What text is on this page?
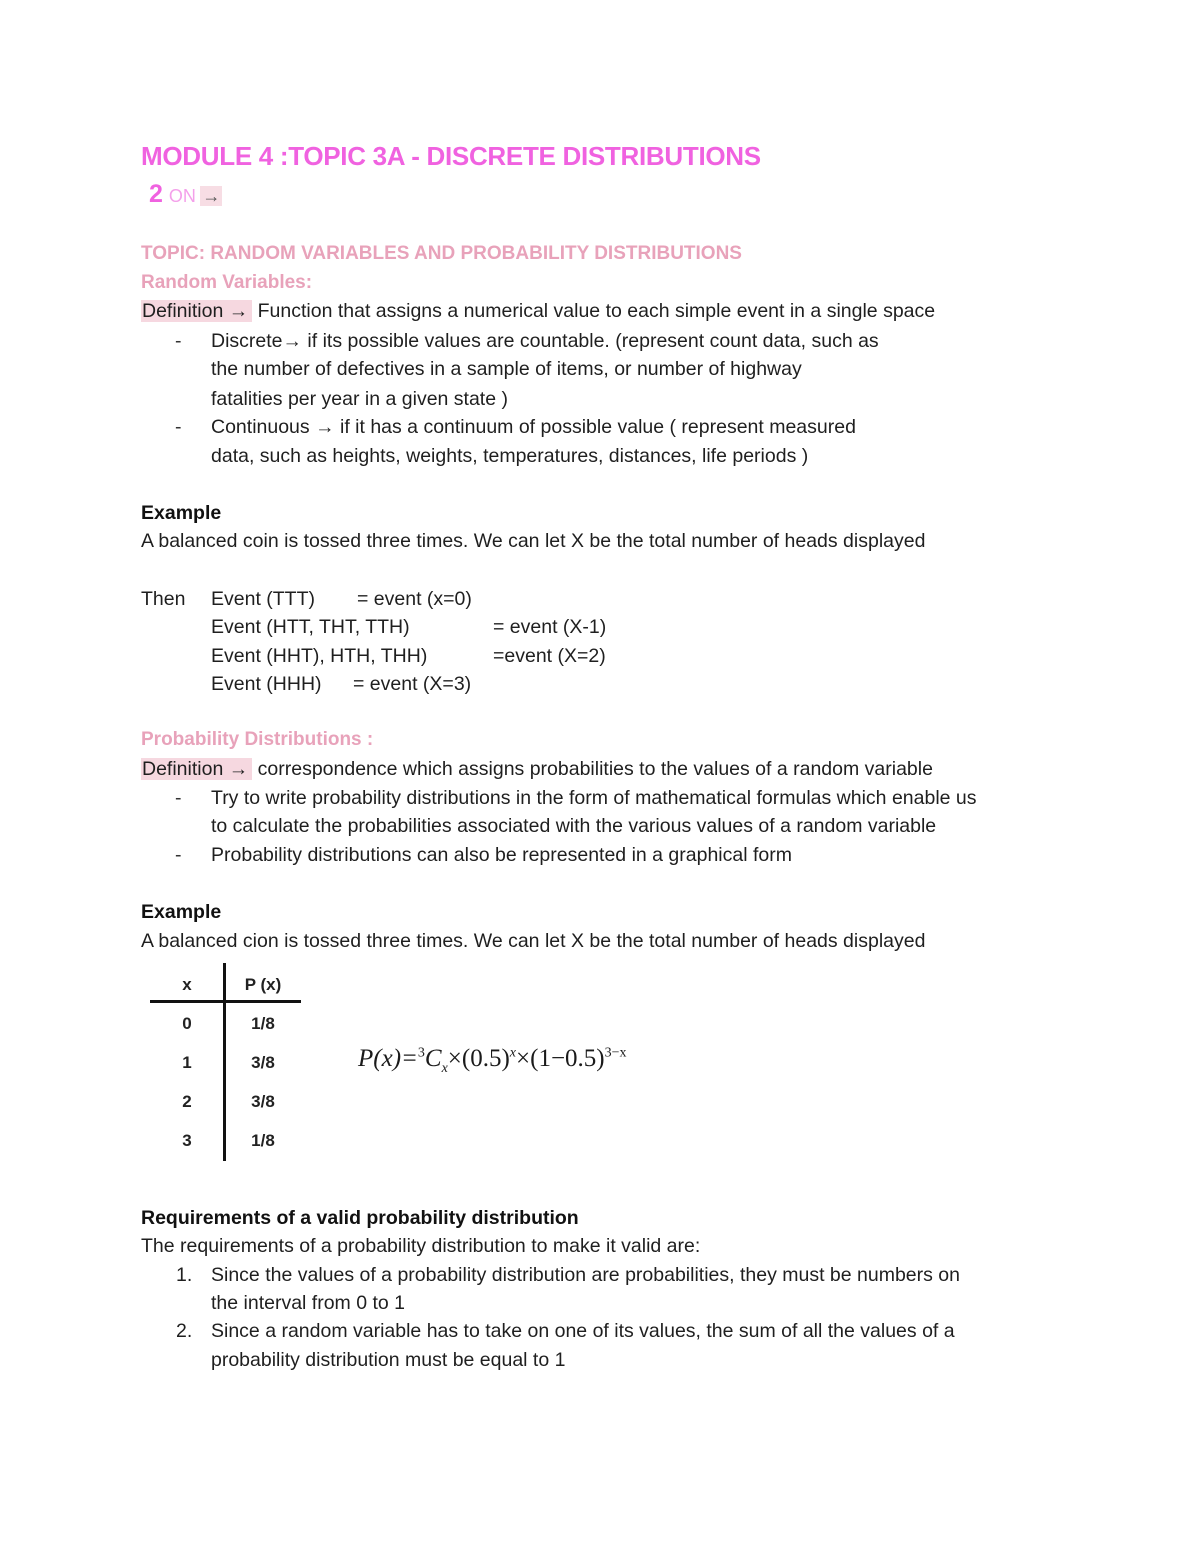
MODULE 4 :TOPIC 3A - DISCRETE DISTRIBUTIONS
2 ON →
TOPIC: RANDOM VARIABLES AND PROBABILITY DISTRIBUTIONS
Random Variables:
Definition → Function that assigns a numerical value to each simple event in a single space
- Discrete→ if its possible values are countable. (represent count data, such as
the number of defectives in a sample of items, or number of highway
fatalities per year in a given state )
- Continuous → if it has a continuum of possible value ( represent measured
data, such as heights, weights, temperatures, distances, life periods )
Example
A balanced coin is tossed three times. We can let X be the total number of heads displayed
Then Event (TTT) = event (x=0)
Event (HTT, THT, TTH)	= event (X-1)
Event (HHT), HTH, THH)	=event (X=2)
Event (HHH) = event (X=3)
Probability Distributions :
Definition → correspondence which assigns probabilities to the values of a random variable
- Try to write probability distributions in the form of mathematical formulas which enable us
to calculate the probabilities associated with the various values of a random variable
- Probability distributions can also be represented in a graphical form
Example
A balanced cion is tossed three times. We can let X be the total number of heads displayed
x	P (x)
0	1/8
1	3/8
2	3/8
3	1/8
$P(x)=^3C_x\times(0.5)^x\times(1-0.5)^{3-x}$
Requirements of a valid probability distribution
The requirements of a probability distribution to make it valid are:
1. Since the values of a probability distribution are probabilities, they must be numbers on
the interval from 0 to 1
2. Since a random variable has to take on one of its values, the sum of all the values of a
probability distribution must be equal to 1
